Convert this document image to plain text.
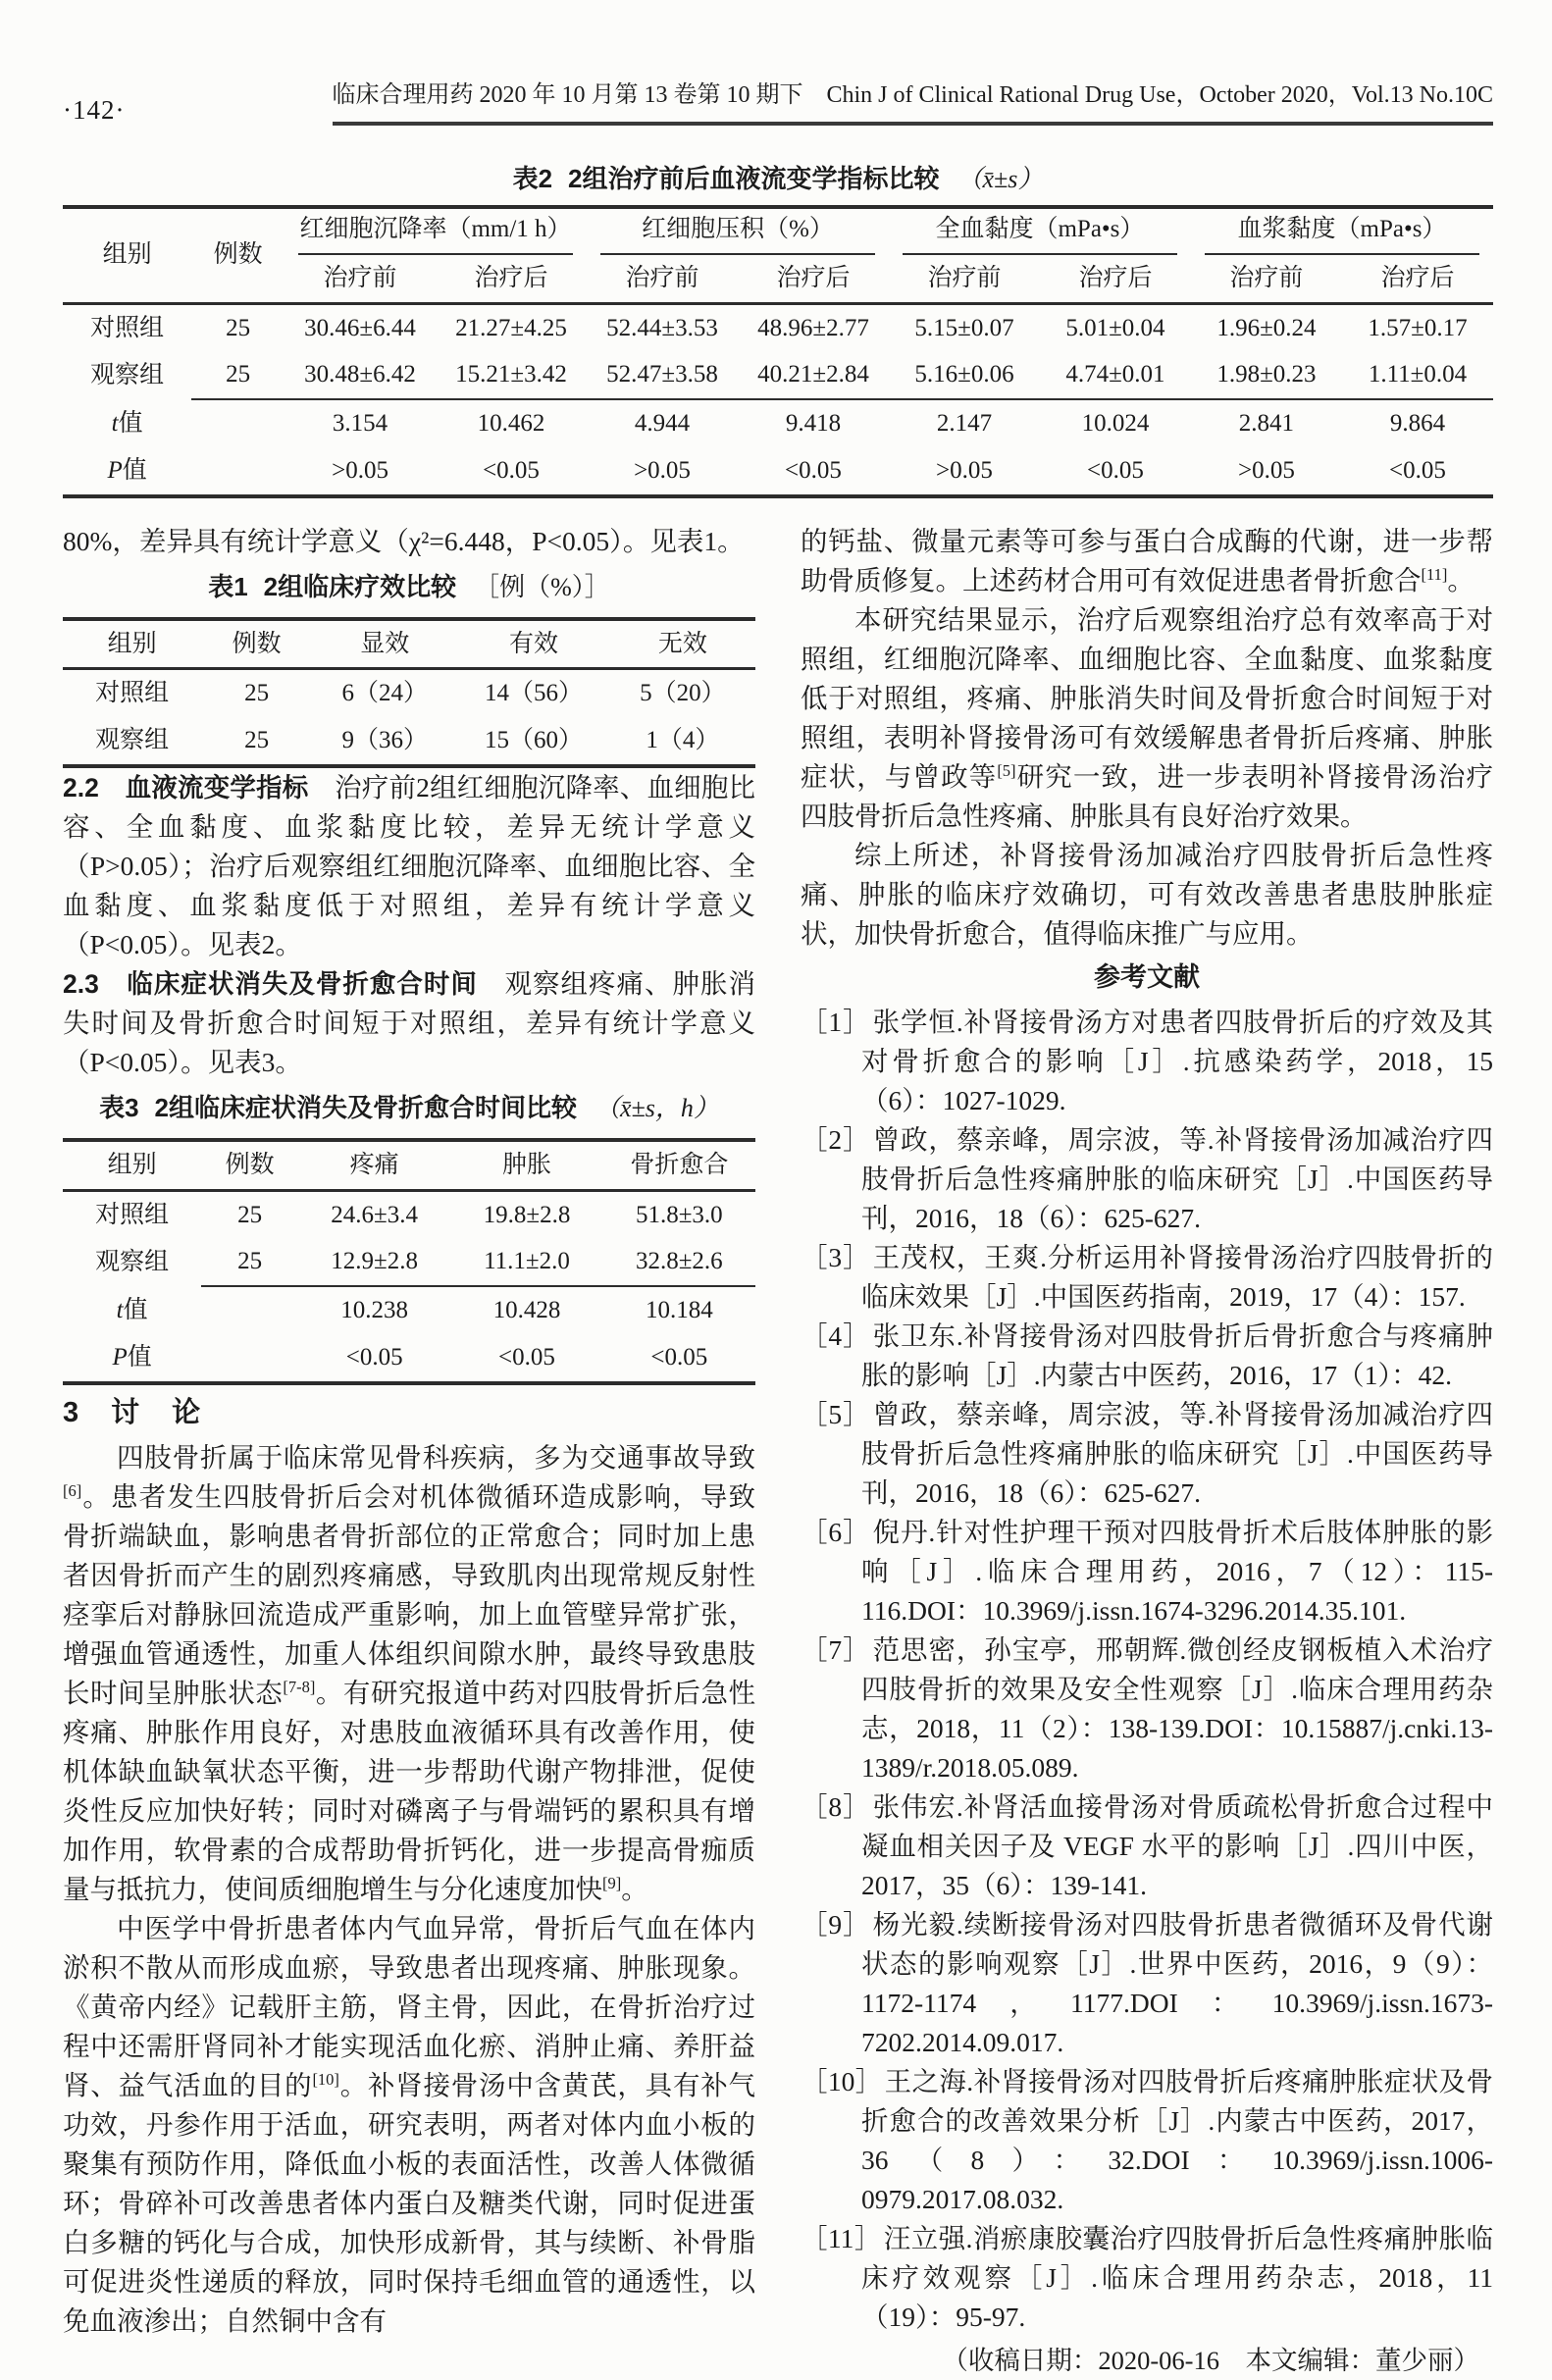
·142·	临床合理用药 2020 年 10 月第 13 卷第 10 期下　Chin J of Clinical Rational Drug Use，October 2020，Vol.13 No.10C
表2 2组治疗前后血液流变学指标比较 （x̄±s）
组别	例数	红细胞沉降率（mm/1 h）		红细胞压积（%）		全血黏度（mPa•s）		血浆黏度（mPa•s）	

		治疗前	治疗后	治疗前	治疗后	治疗前	治疗后	治疗前	治疗后
对照组	25	30.46±6.44	21.27±4.25	52.44±3.53	48.96±2.77	5.15±0.07	5.01±0.04	1.96±0.24	1.57±0.17
观察组	25	30.48±6.42	15.21±3.42	52.47±3.58	40.21±2.84	5.16±0.06	4.74±0.01	1.98±0.23	1.11±0.04
t值		3.154	10.462	4.944	9.418	2.147	10.024	2.841	9.864
P值		>0.05	<0.05	>0.05	<0.05	>0.05	<0.05	>0.05	<0.05

80%，差异具有统计学意义（χ²=6.448，P<0.05）。见表1。

表1 2组临床疗效比较 ［例（%）］
组别	例数	显效	有效	无效
对照组	25	6（24）	14（56）	5（20）
观察组	25	9（36）	15（60）	1（4）

2.2　血液流变学指标　治疗前2组红细胞沉降率、血细胞比容、全血黏度、血浆黏度比较，差异无统计学意义（P>0.05）；治疗后观察组红细胞沉降率、血细胞比容、全血黏度、血浆黏度低于对照组，差异有统计学意义（P<0.05）。见表2。

2.3　临床症状消失及骨折愈合时间　观察组疼痛、肿胀消失时间及骨折愈合时间短于对照组，差异有统计学意义（P<0.05）。见表3。

表3 2组临床症状消失及骨折愈合时间比较 （x̄±s，h）
组别	例数	疼痛	肿胀	骨折愈合
对照组	25	24.6±3.4	19.8±2.8	51.8±3.0
观察组	25	12.9±2.8	11.1±2.0	32.8±2.6
t值		10.238	10.428	10.184
P值		<0.05	<0.05	<0.05
3　讨　论

四肢骨折属于临床常见骨科疾病，多为交通事故导致[6]。患者发生四肢骨折后会对机体微循环造成影响，导致骨折端缺血，影响患者骨折部位的正常愈合；同时加上患者因骨折而产生的剧烈疼痛感，导致肌肉出现常规反射性痉挛后对静脉回流造成严重影响，加上血管壁异常扩张，增强血管通透性，加重人体组织间隙水肿，最终导致患肢长时间呈肿胀状态[7-8]。有研究报道中药对四肢骨折后急性疼痛、肿胀作用良好，对患肢血液循环具有改善作用，使机体缺血缺氧状态平衡，进一步帮助代谢产物排泄，促使炎性反应加快好转；同时对磷离子与骨端钙的累积具有增加作用，软骨素的合成帮助骨折钙化，进一步提高骨痂质量与抵抗力，使间质细胞增生与分化速度加快[9]。

中医学中骨折患者体内气血异常，骨折后气血在体内淤积不散从而形成血瘀，导致患者出现疼痛、肿胀现象。《黄帝内经》记载肝主筋，肾主骨，因此，在骨折治疗过程中还需肝肾同补才能实现活血化瘀、消肿止痛、养肝益肾、益气活血的目的[10]。补肾接骨汤中含黄芪，具有补气功效，丹参作用于活血，研究表明，两者对体内血小板的聚集有预防作用，降低血小板的表面活性，改善人体微循环；骨碎补可改善患者体内蛋白及糖类代谢，同时促进蛋白多糖的钙化与合成，加快形成新骨，其与续断、补骨脂可促进炎性递质的释放，同时保持毛细血管的通透性，以免血液渗出；自然铜中含有

的钙盐、微量元素等可参与蛋白合成酶的代谢，进一步帮助骨质修复。上述药材合用可有效促进患者骨折愈合[11]。

本研究结果显示，治疗后观察组治疗总有效率高于对照组，红细胞沉降率、血细胞比容、全血黏度、血浆黏度低于对照组，疼痛、肿胀消失时间及骨折愈合时间短于对照组，表明补肾接骨汤可有效缓解患者骨折后疼痛、肿胀症状，与曾政等[5]研究一致，进一步表明补肾接骨汤治疗四肢骨折后急性疼痛、肿胀具有良好治疗效果。

综上所述，补肾接骨汤加减治疗四肢骨折后急性疼痛、肿胀的临床疗效确切，可有效改善患者患肢肿胀症状，加快骨折愈合，值得临床推广与应用。

参考文献
［1］张学恒.补肾接骨汤方对患者四肢骨折后的疗效及其对骨折愈合的影响［J］.抗感染药学，2018，15（6）：1027-1029.
［2］曾政，蔡亲峰，周宗波，等.补肾接骨汤加减治疗四肢骨折后急性疼痛肿胀的临床研究［J］.中国医药导刊，2016，18（6）：625-627.
［3］王茂权，王爽.分析运用补肾接骨汤治疗四肢骨折的临床效果［J］.中国医药指南，2019，17（4）：157.
［4］张卫东.补肾接骨汤对四肢骨折后骨折愈合与疼痛肿胀的影响［J］.内蒙古中医药，2016，17（1）：42.
［5］曾政，蔡亲峰，周宗波，等.补肾接骨汤加减治疗四肢骨折后急性疼痛肿胀的临床研究［J］.中国医药导刊，2016，18（6）：625-627.
［6］倪丹.针对性护理干预对四肢骨折术后肢体肿胀的影响［J］.临床合理用药，2016，7（12）：115-116.DOI：10.3969/j.issn.1674-3296.2014.35.101.
［7］范思密，孙宝亭，邢朝辉.微创经皮钢板植入术治疗四肢骨折的效果及安全性观察［J］.临床合理用药杂志，2018，11（2）：138-139.DOI：10.15887/j.cnki.13-1389/r.2018.05.089.
［8］张伟宏.补肾活血接骨汤对骨质疏松骨折愈合过程中凝血相关因子及 VEGF 水平的影响［J］.四川中医，2017，35（6）：139-141.
［9］杨光毅.续断接骨汤对四肢骨折患者微循环及骨代谢状态的影响观察［J］.世界中医药，2016，9（9）：1172-1174，1177.DOI：10.3969/j.issn.1673-7202.2014.09.017.
［10］王之海.补肾接骨汤对四肢骨折后疼痛肿胀症状及骨折愈合的改善效果分析［J］.内蒙古中医药，2017，36（8）：32.DOI：10.3969/j.issn.1006-0979.2017.08.032.
［11］汪立强.消瘀康胶囊治疗四肢骨折后急性疼痛肿胀临床疗效观察［J］.临床合理用药杂志，2018，11（19）：95-97.
（收稿日期：2020-06-16　本文编辑：董少丽）
